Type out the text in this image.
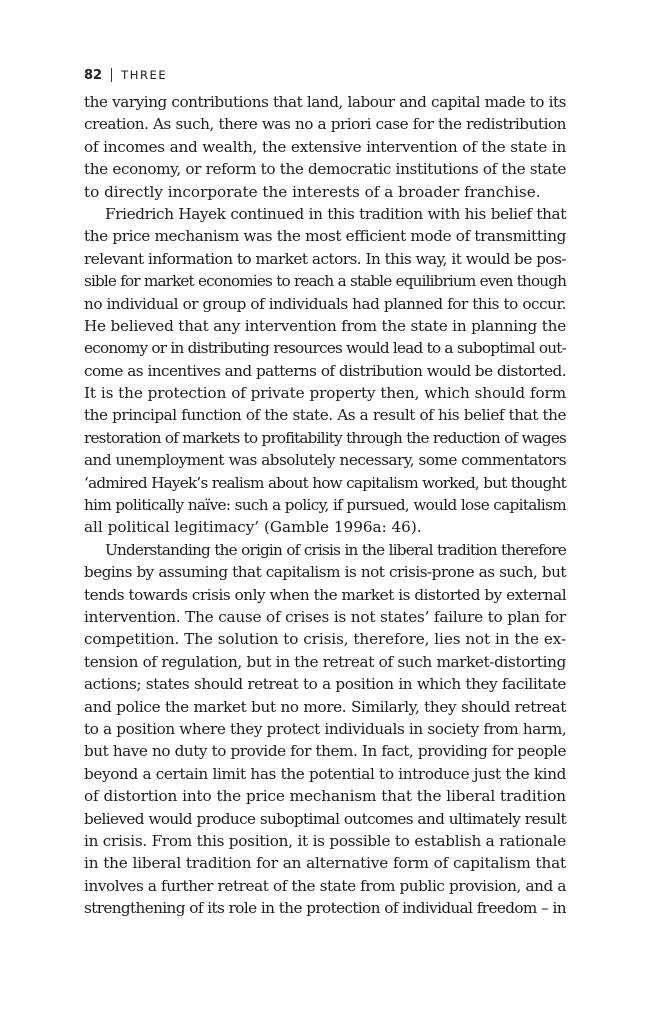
82 THREE
the varying contributions that land, labour and capital made to its
creation. As such, there was no a priori case for the redistribution
of incomes and wealth, the extensive intervention of the state in
the economy, or reform to the democratic institutions of the state
to directly incorporate the interests of a broader franchise.
Friedrich Hayek continued in this tradition with his belief that
the price mechanism was the most efficient mode of transmitting
relevant information to market actors. In this way, it would be pos-
sible for market economies to reach a stable equilibrium even though
no individual or group of individuals had planned for this to occur.
He believed that any intervention from the state in planning the
economy or in distributing resources would lead to a suboptimal out-
come as incentives and patterns of distribution would be distorted.
It is the protection of private property then, which should form
the principal function of the state. As a result of his belief that the
restoration of markets to profitability through the reduction of wages
and unemployment was absolutely necessary, some commentators
‘admired Hayek’s realism about how capitalism worked, but thought
him politically naïve: such a policy, if pursued, would lose capitalism
all political legitimacy’ (Gamble 1996a: 46).
Understanding the origin of crisis in the liberal tradition therefore
begins by assuming that capitalism is not crisis-prone as such, but
tends towards crisis only when the market is distorted by external
intervention. The cause of crises is not states’ failure to plan for
competition. The solution to crisis, therefore, lies not in the ex-
tension of regulation, but in the retreat of such market-distorting
actions; states should retreat to a position in which they facilitate
and police the market but no more. Similarly, they should retreat
to a position where they protect individuals in society from harm,
but have no duty to provide for them. In fact, providing for people
beyond a certain limit has the potential to introduce just the kind
of distortion into the price mechanism that the liberal tradition
believed would produce suboptimal outcomes and ultimately result
in crisis. From this position, it is possible to establish a rationale
in the liberal tradition for an alternative form of capitalism that
involves a further retreat of the state from public provision, and a
strengthening of its role in the protection of individual freedom – in
